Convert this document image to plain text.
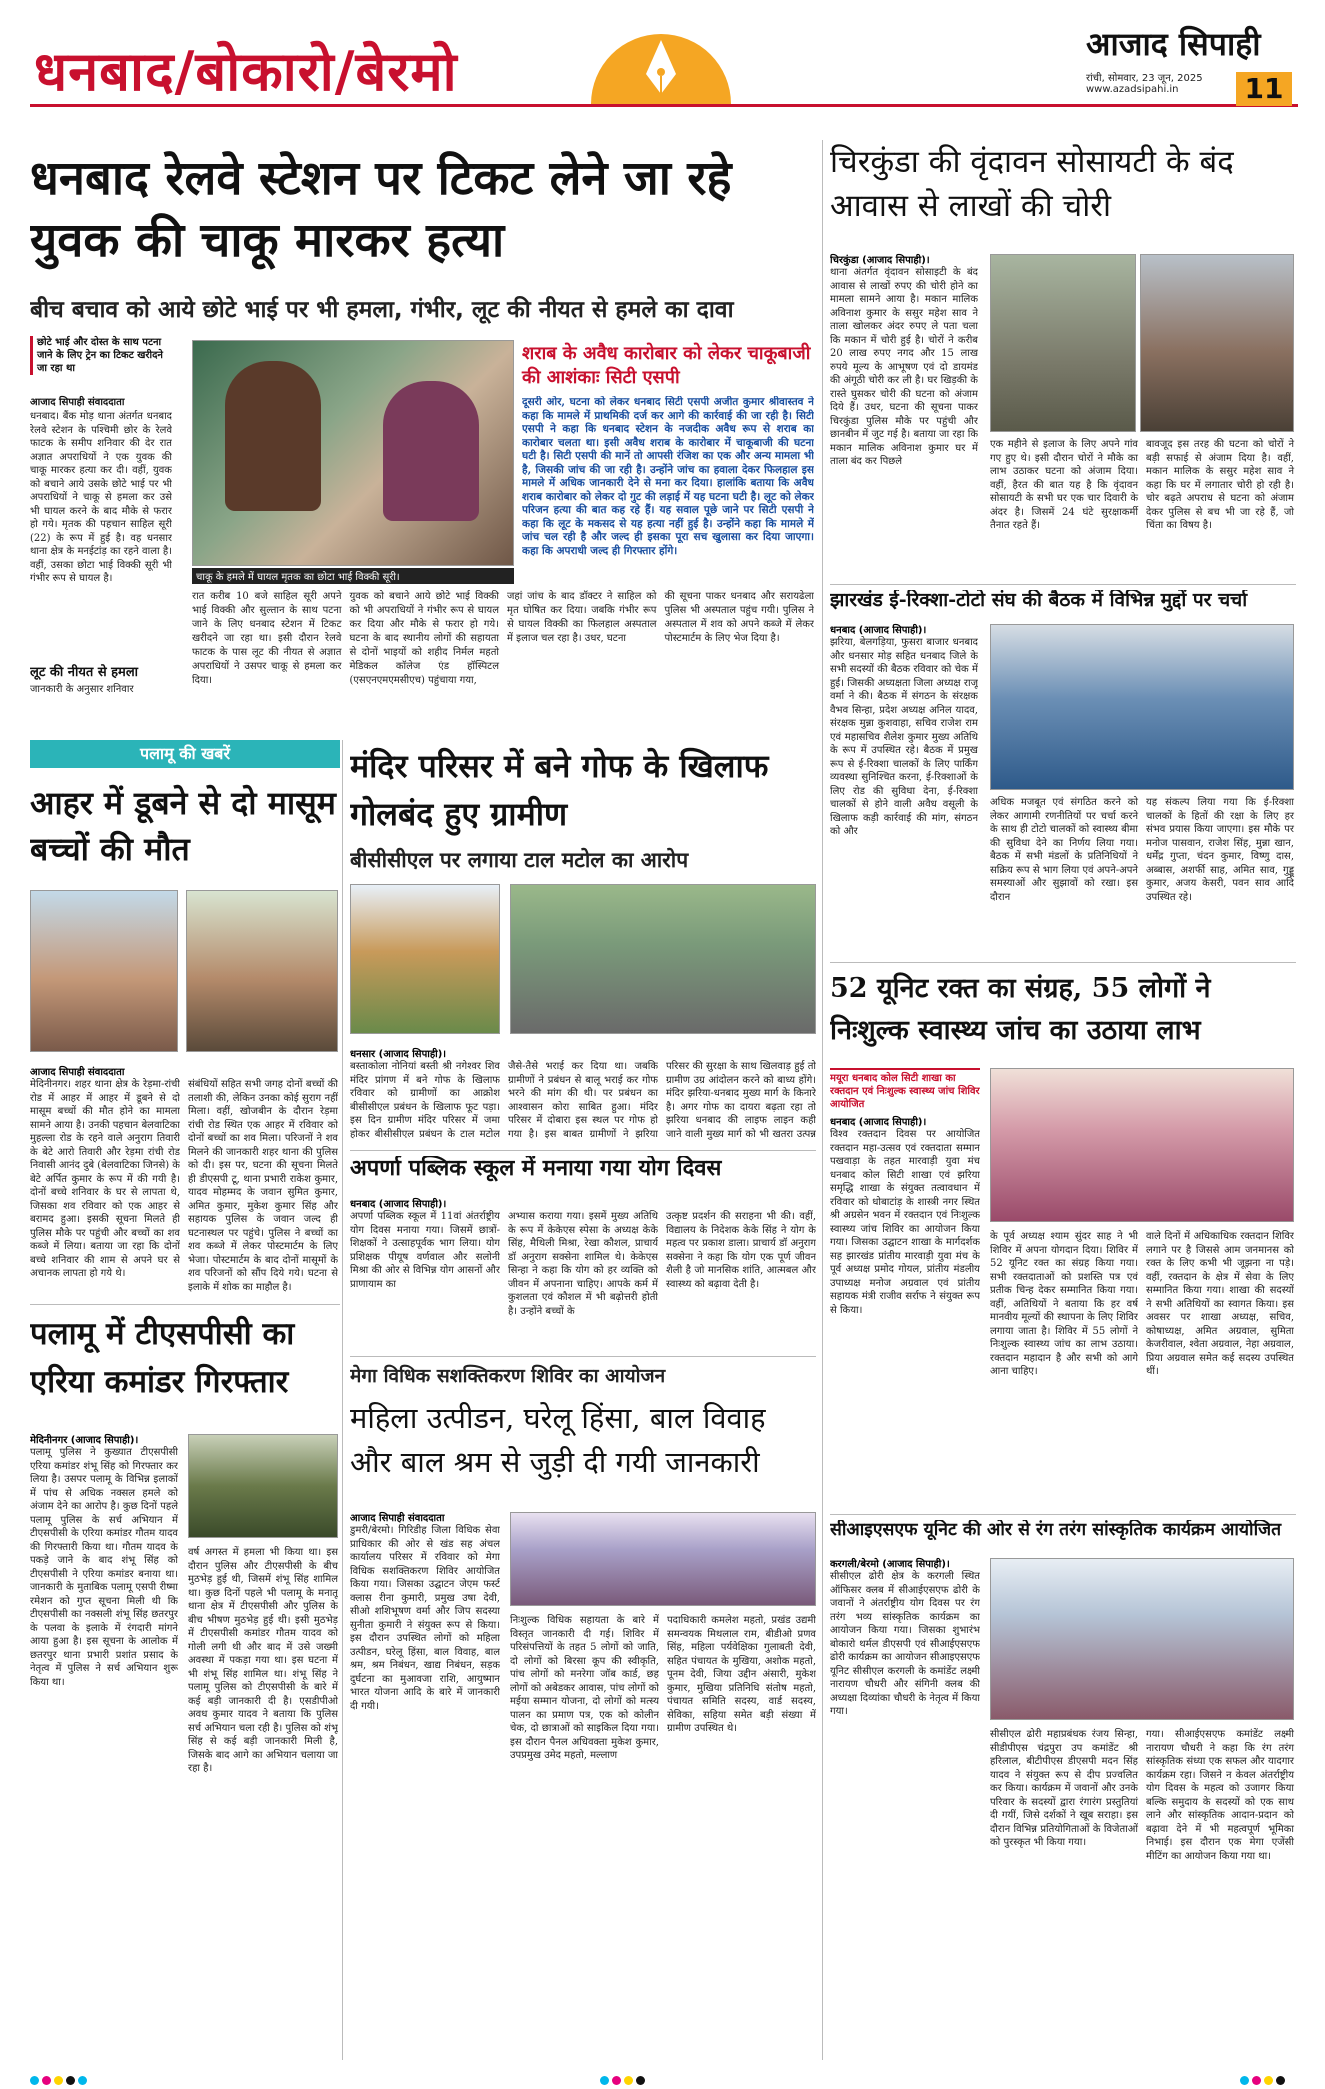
धनबाद/बोकारो/बेरमो	आजाद सिपाही
रांची, सोमवार, 23 जून, 2025
www.azadsipahi.in	11
धनबाद रेलवे स्टेशन पर टिकट लेने जा रहे युवक की चाकू मारकर हत्या
बीच बचाव को आये छोटे भाई पर भी हमला, गंभीर, लूट की नीयत से हमले का दावा
छोटे भाई और दोस्त के साथ पटना जाने के लिए ट्रेन का टिकट खरीदने जा रहा था
आजाद सिपाही संवाददाता
धनबाद। बैंक मोड़ थाना अंतर्गत धनबाद रेलवे स्टेशन के पश्चिमी छोर के रेलवे फाटक के समीप शनिवार की देर रात अज्ञात अपराधियों ने एक युवक की चाकू मारकर हत्या कर दी। वहीं, युवक को बचाने आये उसके छोटे भाई पर भी अपराधियों ने चाकू से हमला कर उसे भी घायल करने के बाद मौके से फरार हो गये। मृतक की पहचान साहिल सूरी (22) के रूप में हुई है। वह धनसार थाना क्षेत्र के मनईटांड़ का रहने वाला है। वहीं, उसका छोटा भाई विक्की सूरी भी गंभीर रूप से घायल है।
लूट की नीयत से हमला
जानकारी के अनुसार शनिवार
चाकू के हमले में घायल मृतक का छोटा भाई विक्की सूरी।
शराब के अवैध कारोबार को लेकर चाकूबाजी की आशंकाः सिटी एसपी
दूसरी ओर, घटना को लेकर धनबाद सिटी एसपी अजीत कुमार श्रीवास्तव ने कहा कि मामले में प्राथमिकी दर्ज कर आगे की कार्रवाई की जा रही है। सिटी एसपी ने कहा कि धनबाद स्टेशन के नजदीक अवैध रूप से शराब का कारोबार चलता था। इसी अवैध शराब के कारोबार में चाकूबाजी की घटना घटी है। सिटी एसपी की मानें तो आपसी रंजिश का एक और अन्य मामला भी है, जिसकी जांच की जा रही है। उन्होंने जांच का हवाला देकर फिलहाल इस मामले में अधिक जानकारी देने से मना कर दिया। हालांकि बताया कि अवैध शराब कारोबार को लेकर दो गुट की लड़ाई में यह घटना घटी है। लूट को लेकर परिजन हत्या की बात कह रहे हैं। यह सवाल पूछे जाने पर सिटी एसपी ने कहा कि लूट के मकसद से यह हत्या नहीं हुई है। उन्होंने कहा कि मामले में जांच चल रही है और जल्द ही इसका पूरा सच खुलासा कर दिया जाएगा। कहा कि अपराधी जल्द ही गिरफ्तार होंगे।
रात करीब 10 बजे साहिल सूरी अपने भाई विक्की और सुल्तान के साथ पटना जाने के लिए धनबाद स्टेशन में टिकट खरीदने जा रहा था। इसी दौरान रेलवे फाटक के पास लूट की नीयत से अज्ञात अपराधियों ने उसपर चाकू से हमला कर दिया।
युवक को बचाने आये छोटे भाई विक्की को भी अपराधियों ने गंभीर रूप से घायल कर दिया और मौके से फरार हो गये। घटना के बाद स्थानीय लोगों की सहायता से दोनों भाइयों को शहीद निर्मल महतो मेडिकल कॉलेज एंड हॉस्पिटल (एसएनएमएमसीएच) पहुंचाया गया,
जहां जांच के बाद डॉक्टर ने साहिल को मृत घोषित कर दिया। जबकि गंभीर रूप से घायल विक्की का फिलहाल अस्पताल में इलाज चल रहा है। उधर, घटना
की सूचना पाकर धनबाद और सरायढेला पुलिस भी अस्पताल पहुंच गयी। पुलिस ने अस्पताल में शव को अपने कब्जे में लेकर पोस्टमार्टम के लिए भेज दिया है।
चिरकुंडा की वृंदावन सोसायटी के बंद आवास से लाखों की चोरी
चिरकुंडा (आजाद सिपाही)।
थाना अंतर्गत वृंदावन सोसाइटी के बंद आवास से लाखों रुपए की चोरी होने का मामला सामने आया है। मकान मालिक अविनाश कुमार के ससुर महेश साव ने ताला खोलकर अंदर रुपए ले पता चला कि मकान में चोरी हुई है। चोरों ने करीब 20 लाख रुपए नगद और 15 लाख रुपये मूल्य के आभूषण एवं दो डायमंड की अंगूठी चोरी कर ली है। घर खिड़की के रास्ते घुसकर चोरी की घटना को अंजाम दिये हैं। उधर, घटना की सूचना पाकर चिरकुंडा पुलिस मौके पर पहुंची और छानबीन में जुट गई है। बताया जा रहा कि मकान मालिक अविनाश कुमार घर में ताला बंद कर पिछले
एक महीने से इलाज के लिए अपने गांव गए हुए थे। इसी दौरान चोरों ने मौके का लाभ उठाकर घटना को अंजाम दिया। वहीं, हैरत की बात यह है कि वृंदावन सोसायटी के सभी घर एक चार दिवारी के अंदर है। जिसमें 24 घंटे सुरक्षाकर्मी तैनात रहते हैं।
बावजूद इस तरह की घटना को चोरों ने बड़ी सफाई से अंजाम दिया है। वहीं, मकान मालिक के ससुर महेश साव ने कहा कि घर में लगातार चोरी हो रही है। चोर बढ़ते अपराध से घटना को अंजाम देकर पुलिस से बच भी जा रहे हैं, जो चिंता का विषय है।
झारखंड ई-रिक्शा-टोटो संघ की बैठक में विभिन्न मुद्दों पर चर्चा
धनबाद (आजाद सिपाही)।
झरिया, बेलगड़िया, फुसरा बाजार धनबाद और धनसार मोड़ सहित धनबाद जिले के सभी सदस्यों की बैठक रविवार को चेक में हुई। जिसकी अध्यक्षता जिला अध्यक्ष राजू वर्मा ने की। बैठक में संगठन के संरक्षक वैभव सिन्हा, प्रदेश अध्यक्ष अनिल यादव, संरक्षक मुन्ना कुशवाहा, सचिव राजेश राम एवं महासचिव शैलेश कुमार मुख्य अतिथि के रूप में उपस्थित रहे। बैठक में प्रमुख रूप से ई-रिक्शा चालकों के लिए पार्किंग व्यवस्था सुनिश्चित करना, ई-रिक्शाओं के लिए रोड की सुविधा देना, ई-रिक्शा चालकों से होने वाली अवैध वसूली के खिलाफ कड़ी कार्रवाई की मांग, संगठन को और
अधिक मजबूत एवं संगठित करने को लेकर आगामी रणनीतियों पर चर्चा करने के साथ ही टोटो चालकों को स्वास्थ्य बीमा की सुविधा देने का निर्णय लिया गया। बैठक में सभी मंडलों के प्रतिनिधियों ने सक्रिय रूप से भाग लिया एवं अपने-अपने समस्याओं और सुझावों को रखा। इस दौरान
यह संकल्प लिया गया कि ई-रिक्शा चालकों के हितों की रक्षा के लिए हर संभव प्रयास किया जाएगा। इस मौके पर मनोज पासवान, राजेश सिंह, मुन्ना खान, धर्मेंद्र गुप्ता, चंदन कुमार, विष्णु दास, अब्बास, अशर्फी साह, अमित साव, गुड्डू कुमार, अजय केसरी, पवन साव आदि उपस्थित रहे।
52 यूनिट रक्त का संग्रह, 55 लोगों ने निःशुल्क स्वास्थ्य जांच का उठाया लाभ
मयूरा धनबाद कोल सिटी शाखा का रक्तदान एवं निःशुल्क स्वास्थ्य जांच शिविर आयोजित
धनबाद (आजाद सिपाही)।
विश्व रक्तदान दिवस पर आयोजित रक्तदान महा-उत्सव एवं रक्तदाता सम्मान पखवाड़ा के तहत मारवाड़ी युवा मंच धनबाद कोल सिटी शाखा एवं झरिया समृद्धि शाखा के संयुक्त तत्वावधान में रविवार को धोबाटांड़ के शास्त्री नगर स्थित श्री अग्रसेन भवन में रक्तदान एवं निःशुल्क स्वास्थ्य जांच शिविर का आयोजन किया गया। जिसका उद्घाटन शाखा के मार्गदर्शक सह झारखंड प्रांतीय मारवाड़ी युवा मंच के पूर्व अध्यक्ष प्रमोद गोयल, प्रांतीय मंडलीय उपाध्यक्ष मनोज अग्रवाल एवं प्रांतीय सहायक मंत्री राजीव सर्राफ ने संयुक्त रूप से किया।
के पूर्व अध्यक्ष श्याम सुंदर साह ने भी शिविर में अपना योगदान दिया। शिविर में 52 यूनिट रक्त का संग्रह किया गया। सभी रक्तदाताओं को प्रशस्ति पत्र एवं प्रतीक चिन्ह देकर सम्मानित किया गया। वहीं, अतिथियों ने बताया कि हर वर्ष मानवीय मूल्यों की स्थापना के लिए शिविर लगाया जाता है। शिविर में 55 लोगों ने निःशुल्क स्वास्थ्य जांच का लाभ उठाया। रक्तदान महादान है और सभी को आगे आना चाहिए।
वाले दिनों में अधिकाधिक रक्तदान शिविर लगाने पर है जिससे आम जनमानस को रक्त के लिए कभी भी जूझना ना पड़े। वहीं, रक्तदान के क्षेत्र में सेवा के लिए सम्मानित किया गया। शाखा की सदस्यों ने सभी अतिथियों का स्वागत किया। इस अवसर पर शाखा अध्यक्ष, सचिव, कोषाध्यक्ष, अमित अग्रवाल, सुमिता केजरीवाल, श्वेता अग्रवाल, नेहा अग्रवाल, प्रिया अग्रवाल समेत कई सदस्य उपस्थित थीं।
सीआइएसएफ यूनिट की ओर से रंग तरंग सांस्कृतिक कार्यक्रम आयोजित
करगली/बेरमो (आजाद सिपाही)।
सीसीएल ढोरी क्षेत्र के करगली स्थित ऑफिसर क्लब में सीआईएसएफ ढोरी के जवानों ने अंतर्राष्ट्रीय योग दिवस पर रंग तरंग भव्य सांस्कृतिक कार्यक्रम का आयोजन किया गया। जिसका शुभारंभ बोकारो थर्मल डीएसपी एवं सीआईएसएफ ढोरी कार्यक्रम का आयोजन सीआइएसएफ यूनिट सीसीएल करगली के कमांडेंट लक्ष्मी नारायण चौधरी और संगिनी क्लब की अध्यक्षा दिव्यांका चौधरी के नेतृत्व में किया गया।
सीसीएल ढोरी महाप्रबंधक रंजय सिन्हा, सीडीपीएस चंद्रपुरा उप कमांडेंट श्री हरिलाल, बीटीपीएस डीएसपी मदन सिंह यादव ने संयुक्त रूप से दीप प्रज्वलित कर किया। कार्यक्रम में जवानों और उनके परिवार के सदस्यों द्वारा रंगारंग प्रस्तुतियां दी गयीं, जिसे दर्शकों ने खूब सराहा। इस दौरान विभिन्न प्रतियोगिताओं के विजेताओं को पुरस्कृत भी किया गया।
गया। सीआईएसएफ कमांडेंट लक्ष्मी नारायण चौधरी ने कहा कि रंग तरंग सांस्कृतिक संध्या एक सफल और यादगार कार्यक्रम रहा। जिसने न केवल अंतर्राष्ट्रीय योग दिवस के महत्व को उजागर किया बल्कि समुदाय के सदस्यों को एक साथ लाने और सांस्कृतिक आदान-प्रदान को बढ़ावा देने में भी महत्वपूर्ण भूमिका निभाई। इस दौरान एक मेगा एजेंसी मीटिंग का आयोजन किया गया था।
पलामू की खबरें
आहर में डूबने से दो मासूम बच्चों की मौत
आजाद सिपाही संवाददाता
मेदिनीनगर। शहर थाना क्षेत्र के रेड़मा-रांची रोड में आहर में आहर में डूबने से दो मासूम बच्चों की मौत होने का मामला सामने आया है। उनकी पहचान बेलवाटिका मुहल्ला रोड के रहने वाले अनुराग तिवारी के बेटे आरो तिवारी और रेड़मा रांची रोड निवासी आनंद दुबे (बेलवाटिका जिनसे) के बेटे अर्पित कुमार के रूप में की गयी है। दोनों बच्चे शनिवार के घर से लापता थे, जिसका शव रविवार को एक आहर से बरामद हुआ। इसकी सूचना मिलते ही पुलिस मौके पर पहुंची और बच्चों का शव कब्जे में लिया। बताया जा रहा कि दोनों बच्चे शनिवार की शाम से अपने घर से अचानक लापता हो गये थे।
संबंधियों सहित सभी जगह दोनों बच्चों की तलाशी की, लेकिन उनका कोई सुराग नहीं मिला। वहीं, खोजबीन के दौरान रेड़मा रांची रोड स्थित एक आहर में रविवार को दोनों बच्चों का शव मिला। परिजनों ने शव मिलने की जानकारी शहर थाना की पुलिस को दी। इस पर, घटना की सूचना मिलते ही डीएसपी टू, थाना प्रभारी राकेश कुमार, यादव मोहम्मद के जवान सुमित कुमार, अमित कुमार, मुकेश कुमार सिंह और सहायक पुलिस के जवान जल्द ही घटनास्थल पर पहुंचे। पुलिस ने बच्चों का शव कब्जे में लेकर पोस्टमार्टम के लिए भेजा। पोस्टमार्टम के बाद दोनों मासूमों के शव परिजनों को सौंप दिये गये। घटना से इलाके में शोक का माहौल है।
पलामू में टीएसपीसी का एरिया कमांडर गिरफ्तार
मेदिनीनगर (आजाद सिपाही)।
पलामू पुलिस ने कुख्यात टीएसपीसी एरिया कमांडर शंभू सिंह को गिरफ्तार कर लिया है। उसपर पलामू के विभिन्न इलाकों में पांच से अधिक नक्सल हमले को अंजाम देने का आरोप है। कुछ दिनों पहले पलामू पुलिस के सर्च अभियान में टीएसपीसी के एरिया कमांडर गौतम यादव की गिरफ्तारी किया था। गौतम यादव के पकड़े जाने के बाद शंभू सिंह को टीएसपीसी ने एरिया कमांडर बनाया था। जानकारी के मुताबिक पलामू एसपी रीष्मा रमेशन को गुप्त सूचना मिली थी कि टीएसपीसी का नक्सली शंभू सिंह छतरपुर के पलवा के इलाके में रंगदारी मांगने आया हुआ है। इस सूचना के आलोक में छतरपुर थाना प्रभारी प्रशांत प्रसाद के नेतृत्व में पुलिस ने सर्च अभियान शुरू किया था।
वर्ष अगस्त में हमला भी किया था। इस दौरान पुलिस और टीएसपीसी के बीच मुठभेड़ हुई थी, जिसमें शंभू सिंह शामिल था। कुछ दिनों पहले भी पलामू के मनातू थाना क्षेत्र में टीएसपीसी और पुलिस के बीच भीषण मुठभेड़ हुई थी। इसी मुठभेड़ में टीएसपीसी कमांडर गौतम यादव को गोली लगी थी और बाद में उसे जख्मी अवस्था में पकड़ा गया था। इस घटना में भी शंभू सिंह शामिल था। शंभू सिंह ने पलामू पुलिस को टीएसपीसी के बारे में कई बड़ी जानकारी दी है। एसडीपीओ अवध कुमार यादव ने बताया कि पुलिस सर्च अभियान चला रही है। पुलिस को शंभू सिंह से कई बड़ी जानकारी मिली है, जिसके बाद आगे का अभियान चलाया जा रहा है।
मंदिर परिसर में बने गोफ के खिलाफ गोलबंद हुए ग्रामीण
बीसीसीएल पर लगाया टाल मटोल का आरोप
धनसार (आजाद सिपाही)।
बस्ताकोला नोनियां बस्ती श्री नगेश्वर शिव मंदिर प्रांगण में बने गोफ के खिलाफ रविवार को ग्रामीणों का आक्रोश बीसीसीएल प्रबंधन के खिलाफ फूट पड़ा। इस दिन ग्रामीण मंदिर परिसर में जमा होकर बीसीसीएल प्रबंधन के टाल मटोल
जैसे-तैसे भराई कर दिया था। जबकि ग्रामीणों ने प्रबंधन से बालू भराई कर गोफ भरने की मांग की थी। पर प्रबंधन का आश्वासन कोरा साबित हुआ। मंदिर परिसर में दोबारा इस स्थल पर गोफ हो गया है। इस बाबत ग्रामीणों ने झरिया
परिसर की सुरक्षा के साथ खिलवाड़ हुई तो ग्रामीण उग्र आंदोलन करने को बाध्य होंगे। मंदिर झरिया-धनबाद मुख्य मार्ग के किनारे है। अगर गोफ का दायरा बढ़ता रहा तो झरिया धनबाद की लाइफ लाइन कही जाने वाली मुख्य मार्ग को भी खतरा उत्पन्न
अपर्णा पब्लिक स्कूल में मनाया गया योग दिवस
धनबाद (आजाद सिपाही)।
अपर्णा पब्लिक स्कूल में 11वां अंतर्राष्ट्रीय योग दिवस मनाया गया। जिसमें छात्रों-शिक्षकों ने उत्साहपूर्वक भाग लिया। योग प्रशिक्षक पीयूष वर्णवाल और सलोनी मिश्रा की ओर से विभिन्न योग आसनों और प्राणायाम का
अभ्यास कराया गया। इसमें मुख्य अतिथि के रूप में केकेएस स्पेसा के अध्यक्ष केके सिंह, मैथिली मिश्रा, रेखा कौशल, प्राचार्य डॉ अनुराग सक्सेना शामिल थे। केकेएस सिन्हा ने कहा कि योग को हर व्यक्ति को जीवन में अपनाना चाहिए। आपके कर्म में कुशलता एवं कौशल में भी बढ़ोत्तरी होती है। उन्होंने बच्चों के
उत्कृष्ट प्रदर्शन की सराहना भी की। वहीं, विद्यालय के निदेशक केके सिंह ने योग के महत्व पर प्रकाश डाला। प्राचार्य डॉ अनुराग सक्सेना ने कहा कि योग एक पूर्ण जीवन शैली है जो मानसिक शांति, आत्मबल और स्वास्थ्य को बढ़ावा देती है।
मेगा विधिक सशक्तिकरण शिविर का आयोजन
महिला उत्पीडन, घरेलू हिंसा, बाल विवाह और बाल श्रम से जुड़ी दी गयी जानकारी
आजाद सिपाही संवाददाता
डुमरी/बेरमो। गिरिडीह जिला विधिक सेवा प्राधिकार की ओर से खंड सह अंचल कार्यालय परिसर में रविवार को मेगा विधिक सशक्तिकरण शिविर आयोजित किया गया। जिसका उद्घाटन जेएम फर्स्ट क्लास रीना कुमारी, प्रमुख उषा देवी, सीओ शशिभूषण वर्मा और जिप सदस्या सुनीता कुमारी ने संयुक्त रूप से किया। इस दौरान उपस्थित लोगों को महिला उत्पीडन, घरेलू हिंसा, बाल विवाह, बाल श्रम, श्रम निबंधन, खाद्य निबंधन, सड़क दुर्घटना का मुआवजा राशि, आयुष्मान भारत योजना आदि के बारे में जानकारी दी गयी।
निःशुल्क विधिक सहायता के बारे में विस्तृत जानकारी दी गई। शिविर में परिसंपत्तियों के तहत 5 लोगों को जाति, दो लोगों को बिरसा कूप की स्वीकृति, पांच लोगों को मनरेगा जॉब कार्ड, छह लोगों को अबेडकर आवास, पांच लोगों को मईया सम्मान योजना, दो लोगों को मत्स्य पालन का प्रमाण पत्र, एक को कोलीन चेक, दो छात्राओं को साइकिल दिया गया। इस दौरान पैनल अधिवक्ता मुकेश कुमार, उपप्रमुख उमेद महतो, मल्लाण
पदाधिकारी कमलेश महतो, प्रखंड उद्यमी समन्वयक मिथलाल राम, बीडीओ प्रणव सिंह, महिला पर्यवेक्षिका गुलाबती देवी, सहित पंचायत के मुखिया, अशोक महतो, पूनम देवी, जिया उद्दीन अंसारी, मुकेश कुमार, मुखिया प्रतिनिधि संतोष महतो, पंचायत समिति सदस्य, वार्ड सदस्य, सेविका, सहिया समेत बड़ी संख्या में ग्रामीण उपस्थित थे।
